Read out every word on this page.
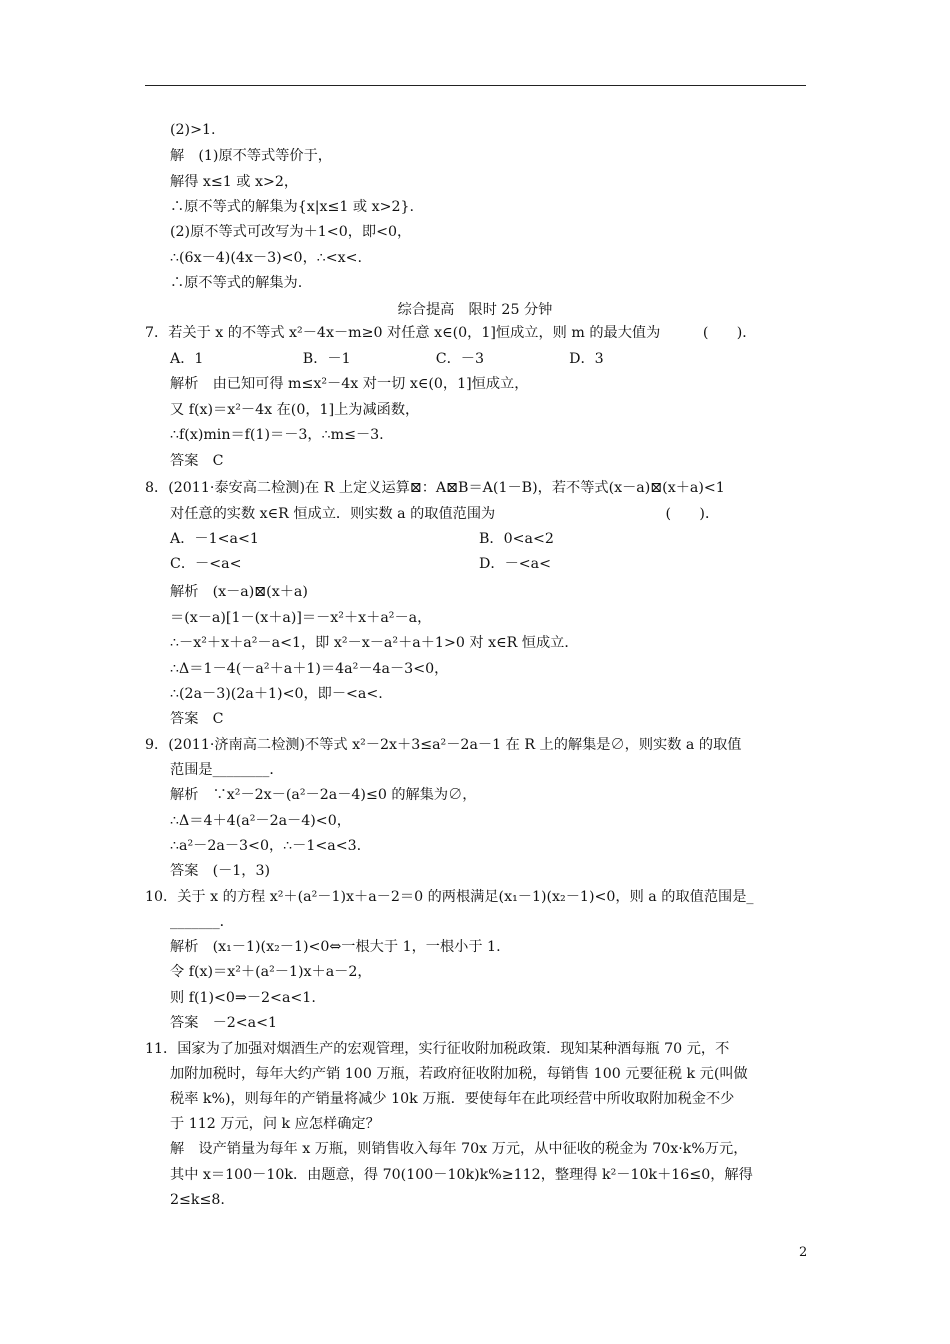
(2)>1.
解　(1)原不等式等价于，
解得 x≤1 或 x>2，
∴原不等式的解集为{x|x≤1 或 x>2}.
(2)原不等式可改写为＋1<0，即<0，
∴(6x－4)(4x－3)<0，∴<x<.
∴原不等式的解集为.
综合提高　限时 25 分钟
7．若关于 x 的不等式 x²－4x－m≥0 对任意 x∈(0，1]恒成立，则 m 的最大值为　　　(　　)．
A．1　　　　　　　B．－1　　　　　　C．－3　　　　　　D．3
解析　由已知可得 m≤x²－4x 对一切 x∈(0，1]恒成立，
又 f(x)＝x²－4x 在(0，1]上为减函数，
∴f(x)min＝f(1)＝－3，∴m≤－3.
答案　C
8．(2011·泰安高二检测)在 R 上定义运算⊠：A⊠B＝A(1－B)，若不等式(x－a)⊠(x＋a)<1
对任意的实数 x∈R 恒成立．则实数 a 的取值范围为　　　　　　　　　　　　(　　)．
A．－1<a<1	B．0<a<2
C．－<a<	D．－<a<
解析　(x－a)⊠(x＋a)
＝(x－a)[1－(x＋a)]＝－x²＋x＋a²－a，
∴－x²＋x＋a²－a<1，即 x²－x－a²＋a＋1>0 对 x∈R 恒成立．
∴Δ＝1－4(－a²＋a＋1)＝4a²－4a－3<0，
∴(2a－3)(2a＋1)<0，即－<a<.
答案　C
9．(2011·济南高二检测)不等式 x²－2x＋3≤a²－2a－1 在 R 上的解集是∅，则实数 a 的取值
范围是________．
解析　∵x²－2x－(a²－2a－4)≤0 的解集为∅，
∴Δ＝4＋4(a²－2a－4)<0，
∴a²－2a－3<0，∴－1<a<3.
答案　(－1，3)
10．关于 x 的方程 x²＋(a²－1)x＋a－2＝0 的两根满足(x₁－1)(x₂－1)<0，则 a 的取值范围是_
_______．
解析　(x₁－1)(x₂－1)<0⇔一根大于 1，一根小于 1.
令 f(x)＝x²＋(a²－1)x＋a－2，
则 f(1)<0⇒－2<a<1.
答案　－2<a<1
11．国家为了加强对烟酒生产的宏观管理，实行征收附加税政策．现知某种酒每瓶 70 元，不
加附加税时，每年大约产销 100 万瓶，若政府征收附加税，每销售 100 元要征税 k 元(叫做
税率 k%)，则每年的产销量将减少 10k 万瓶．要使每年在此项经营中所收取附加税金不少
于 112 万元，问 k 应怎样确定？
解　设产销量为每年 x 万瓶，则销售收入每年 70x 万元，从中征收的税金为 70x·k%万元，
其中 x＝100－10k．由题意，得 70(100－10k)k%≥112，整理得 k²－10k＋16≤0，解得
2≤k≤8.
2
